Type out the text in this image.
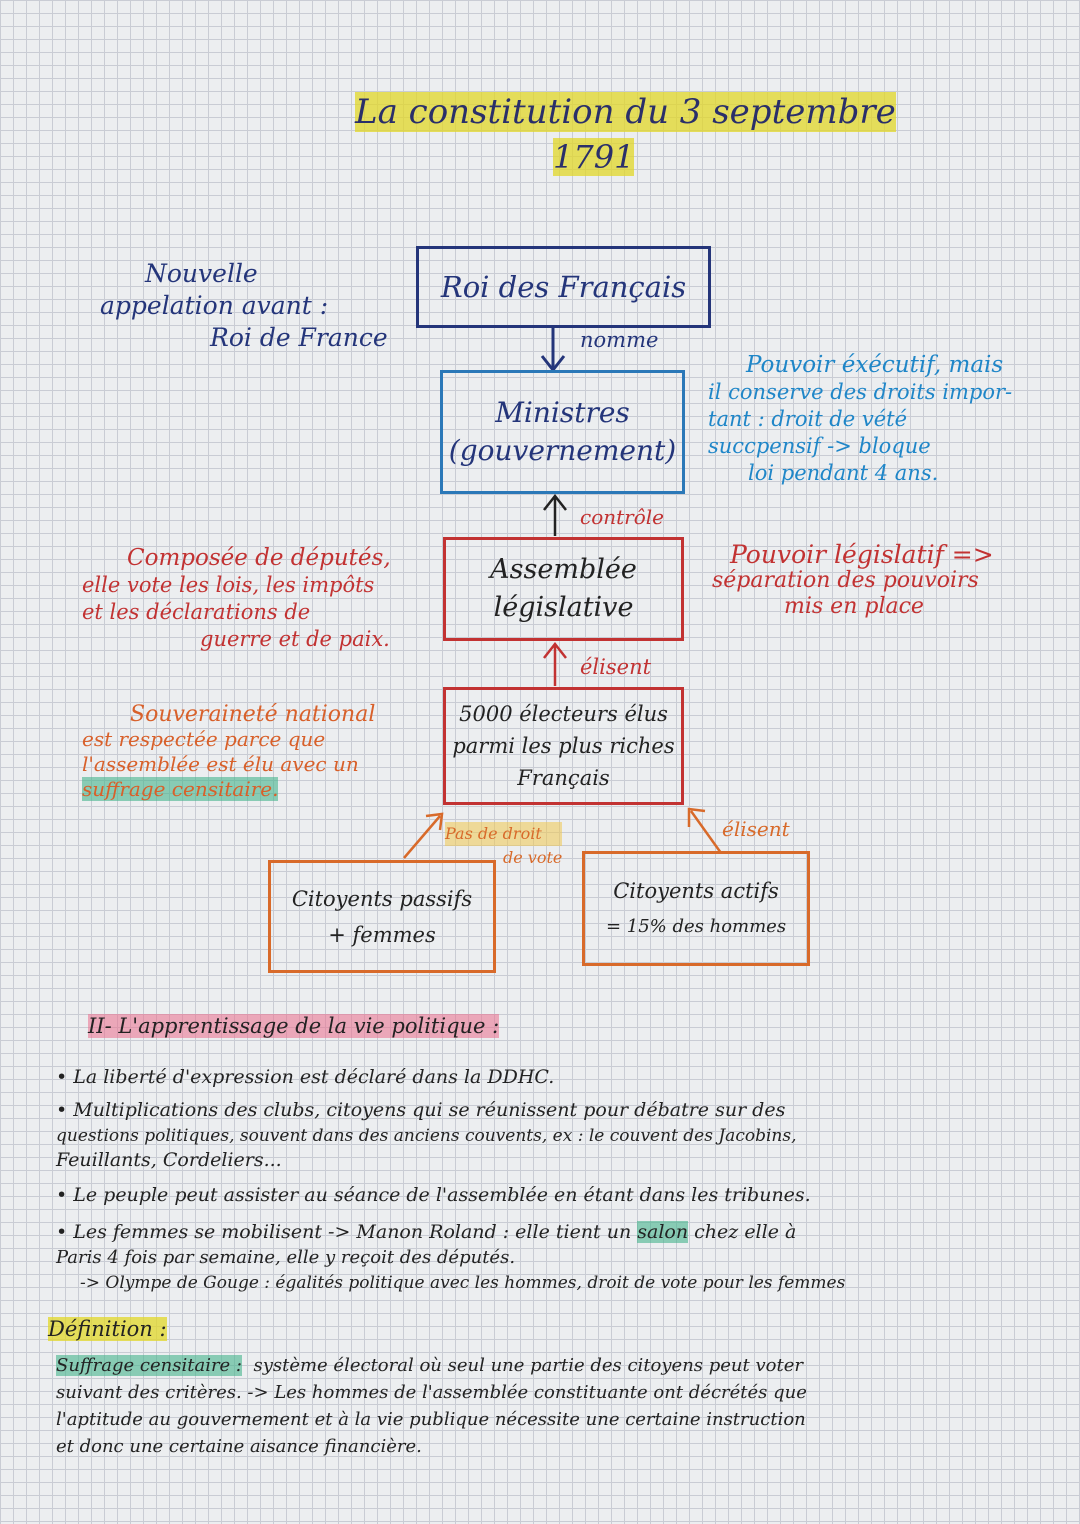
La constitution du 3 septembre
1791
Nouvelle
appelation avant :
Roi de France
Roi des Français
nomme
Ministres
(gouvernement)
Pouvoir éxécutif, mais
il conserve des droits impor-
tant : droit de vété
succpensif -> bloque
loi pendant 4 ans.
contrôle
Composée de députés,
elle vote les lois, les impôts
et les déclarations de
guerre et de paix.
Assemblée
législative
Pouvoir législatif =>
séparation des pouvoirs
mis en place
élisent
Souveraineté national
est respectée parce que
l'assemblée est élu avec un
suffrage censitaire.
5000 électeurs élus
parmi les plus riches
Français
Pas de droit
de vote
élisent
Citoyents passifs
+ femmes
Citoyents actifs
= 15% des hommes
II- L'apprentissage de la vie politique :
• La liberté d'expression est déclaré dans la DDHC.
• Multiplications des clubs, citoyens qui se réunissent pour débatre sur des
questions politiques, souvent dans des anciens couvents, ex : le couvent des Jacobins,
Feuillants, Cordeliers...
• Le peuple peut assister au séance de l'assemblée en étant dans les tribunes.
• Les femmes se mobilisent -> Manon Roland : elle tient un salon chez elle à
Paris 4 fois par semaine, elle y reçoit des députés.
-> Olympe de Gouge : égalités politique avec les hommes, droit de vote pour les femmes
Définition :
Suffrage censitaire : système électoral où seul une partie des citoyens peut voter
suivant des critères. -> Les hommes de l'assemblée constituante ont décrétés que
l'aptitude au gouvernement et à la vie publique nécessite une certaine instruction
et donc une certaine aisance financière.
